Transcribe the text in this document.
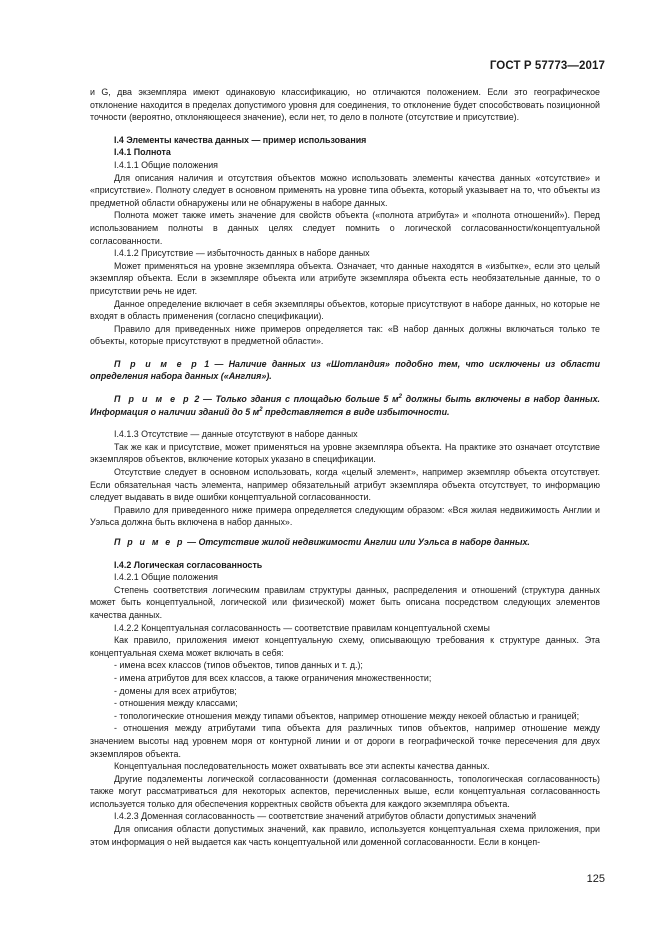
ГОСТ Р 57773—2017

и G, два экземпляра имеют одинаковую классификацию, но отличаются положением. Если это географическое отклонение находится в пределах допустимого уровня для соединения, то отклонение будет способствовать позиционной точности (вероятно, отклоняющееся значение), если нет, то дело в полноте (отсутствие и присутствие).

I.4 Элементы качества данных — пример использования

I.4.1 Полнота

I.4.1.1 Общие положения

Для описания наличия и отсутствия объектов можно использовать элементы качества данных «отсутствие» и «присутствие». Полноту следует в основном применять на уровне типа объекта, который указывает на то, что объекты из предметной области обнаружены или не обнаружены в наборе данных.

Полнота может также иметь значение для свойств объекта («полнота атрибута» и «полнота отношений»). Перед использованием полноты в данных целях следует помнить о логической согласованности/концептуальной согласованности.

I.4.1.2 Присутствие — избыточность данных в наборе данных

Может применяться на уровне экземпляра объекта. Означает, что данные находятся в «избытке», если это целый экземпляр объекта. Если в экземпляре объекта или атрибуте экземпляра объекта есть необязательные данные, то о присутствии речь не идет.

Данное определение включает в себя экземпляры объектов, которые присутствуют в наборе данных, но которые не входят в область применения (согласно спецификации).

Правило для приведенных ниже примеров определяется так: «В набор данных должны включаться только те объекты, которые присутствуют в предметной области».

П р и м е р 1 — Наличие данных из «Шотландия» подобно тем, что исключены из области определения набора данных («Англия»).

П р и м е р 2 — Только здания с площадью больше 5 $м^2$ должны быть включены в набор данных. Информация о наличии зданий до 5 $м^2$ представляется в виде избыточности.

I.4.1.3 Отсутствие — данные отсутствуют в наборе данных

Так же как и присутствие, может применяться на уровне экземпляра объекта. На практике это означает отсутствие экземпляров объектов, включение которых указано в спецификации.

Отсутствие следует в основном использовать, когда «целый элемент», например экземпляр объекта отсутствует. Если обязательная часть элемента, например обязательный атрибут экземпляра объекта отсутствует, то информацию следует выдавать в виде ошибки концептуальной согласованности.

Правило для приведенного ниже примера определяется следующим образом: «Вся жилая недвижимость Англии и Уэльса должна быть включена в набор данных».

П р и м е р — Отсутствие жилой недвижимости Англии или Уэльса в наборе данных.

I.4.2 Логическая согласованность

I.4.2.1 Общие положения

Степень соответствия логическим правилам структуры данных, распределения и отношений (структура данных может быть концептуальной, логической или физической) может быть описана посредством следующих элементов качества данных.

I.4.2.2 Концептуальная согласованность — соответствие правилам концептуальной схемы

Как правило, приложения имеют концептуальную схему, описывающую требования к структуре данных. Эта концептуальная схема может включать в себя:

- имена всех классов (типов объектов, типов данных и т. д.);

- имена атрибутов для всех классов, а также ограничения множественности;

- домены для всех атрибутов;

- отношения между классами;

- топологические отношения между типами объектов, например отношение между некоей областью и границей;

- отношения между атрибутами типа объекта для различных типов объектов, например отношение между значением высоты над уровнем моря от контурной линии и от дороги в географической точке пересечения для двух экземпляров объекта.

Концептуальная последовательность может охватывать все эти аспекты качества данных.

Другие подэлементы логической согласованности (доменная согласованность, топологическая согласованность) также могут рассматриваться для некоторых аспектов, перечисленных выше, если концептуальная согласованность используется только для обеспечения корректных свойств объекта для каждого экземпляра объекта.

I.4.2.3 Доменная согласованность — соответствие значений атрибутов области допустимых значений

Для описания области допустимых значений, как правило, используется концептуальная схема приложения, при этом информация о ней выдается как часть концептуальной или доменной согласованности. Если в концеп-

125
